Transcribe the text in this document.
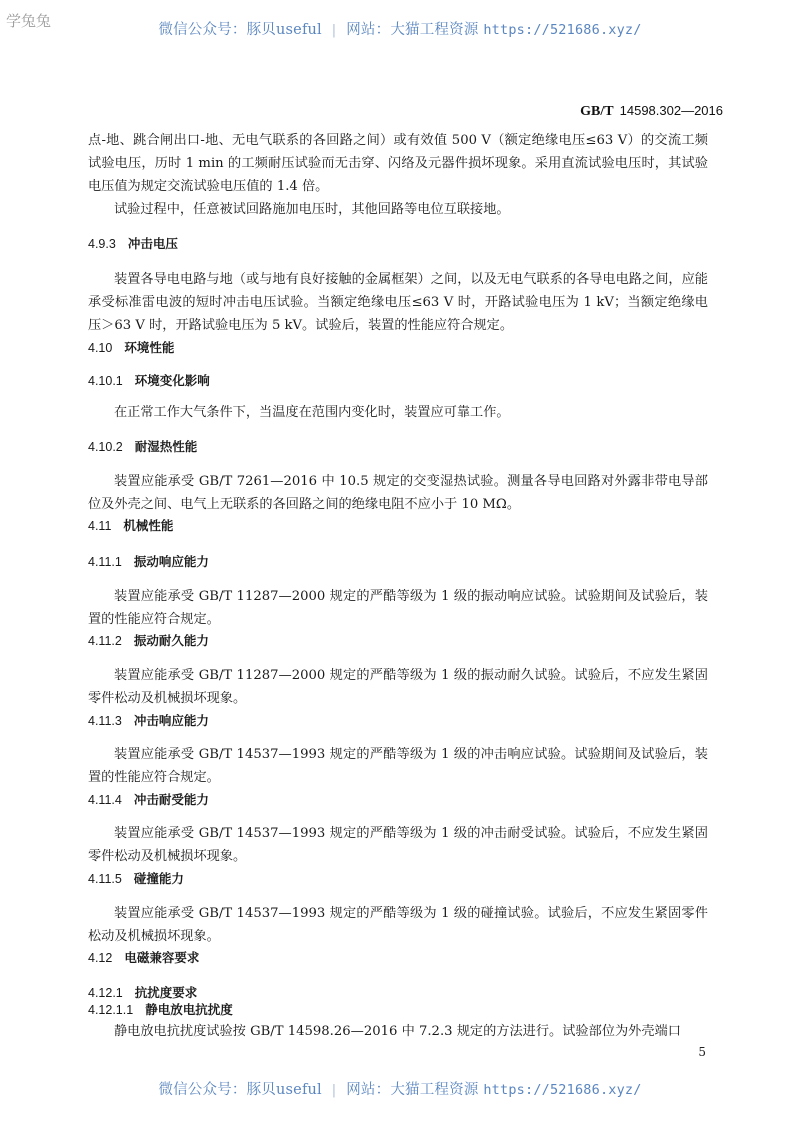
学兔兔	微信公众号：豚贝useful | 网站：大猫工程资源 https://521686.xyz/
GB/T 14598.302—2016

点-地、跳合闸出口-地、无电气联系的各回路之间）或有效值 500 V（额定绝缘电压≤63 V）的交流工频试验电压，历时 1 min 的工频耐压试验而无击穿、闪络及元器件损坏现象。采用直流试验电压时，其试验电压值为规定交流试验电压值的 1.4 倍。

试验过程中，任意被试回路施加电压时，其他回路等电位互联接地。

4.9.3 冲击电压

装置各导电电路与地（或与地有良好接触的金属框架）之间，以及无电气联系的各导电电路之间，应能承受标准雷电波的短时冲击电压试验。当额定绝缘电压≤63 V 时，开路试验电压为 1 kV；当额定绝缘电压＞63 V 时，开路试验电压为 5 kV。试验后，装置的性能应符合规定。

4.10 环境性能
4.10.1 环境变化影响

在正常工作大气条件下，当温度在范围内变化时，装置应可靠工作。

4.10.2 耐湿热性能

装置应能承受 GB/T 7261—2016 中 10.5 规定的交变湿热试验。测量各导电回路对外露非带电导部位及外壳之间、电气上无联系的各回路之间的绝缘电阻不应小于 10 MΩ。

4.11 机械性能
4.11.1 振动响应能力

装置应能承受 GB/T 11287—2000 规定的严酷等级为 1 级的振动响应试验。试验期间及试验后，装置的性能应符合规定。

4.11.2 振动耐久能力

装置应能承受 GB/T 11287—2000 规定的严酷等级为 1 级的振动耐久试验。试验后，不应发生紧固零件松动及机械损坏现象。

4.11.3 冲击响应能力

装置应能承受 GB/T 14537—1993 规定的严酷等级为 1 级的冲击响应试验。试验期间及试验后，装置的性能应符合规定。

4.11.4 冲击耐受能力

装置应能承受 GB/T 14537—1993 规定的严酷等级为 1 级的冲击耐受试验。试验后，不应发生紧固零件松动及机械损坏现象。

4.11.5 碰撞能力

装置应能承受 GB/T 14537—1993 规定的严酷等级为 1 级的碰撞试验。试验后，不应发生紧固零件松动及机械损坏现象。

4.12 电磁兼容要求
4.12.1 抗扰度要求
4.12.1.1 静电放电抗扰度

静电放电抗扰度试验按 GB/T 14598.26—2016 中 7.2.3 规定的方法进行。试验部位为外壳端口

5
微信公众号：豚贝useful | 网站：大猫工程资源 https://521686.xyz/
